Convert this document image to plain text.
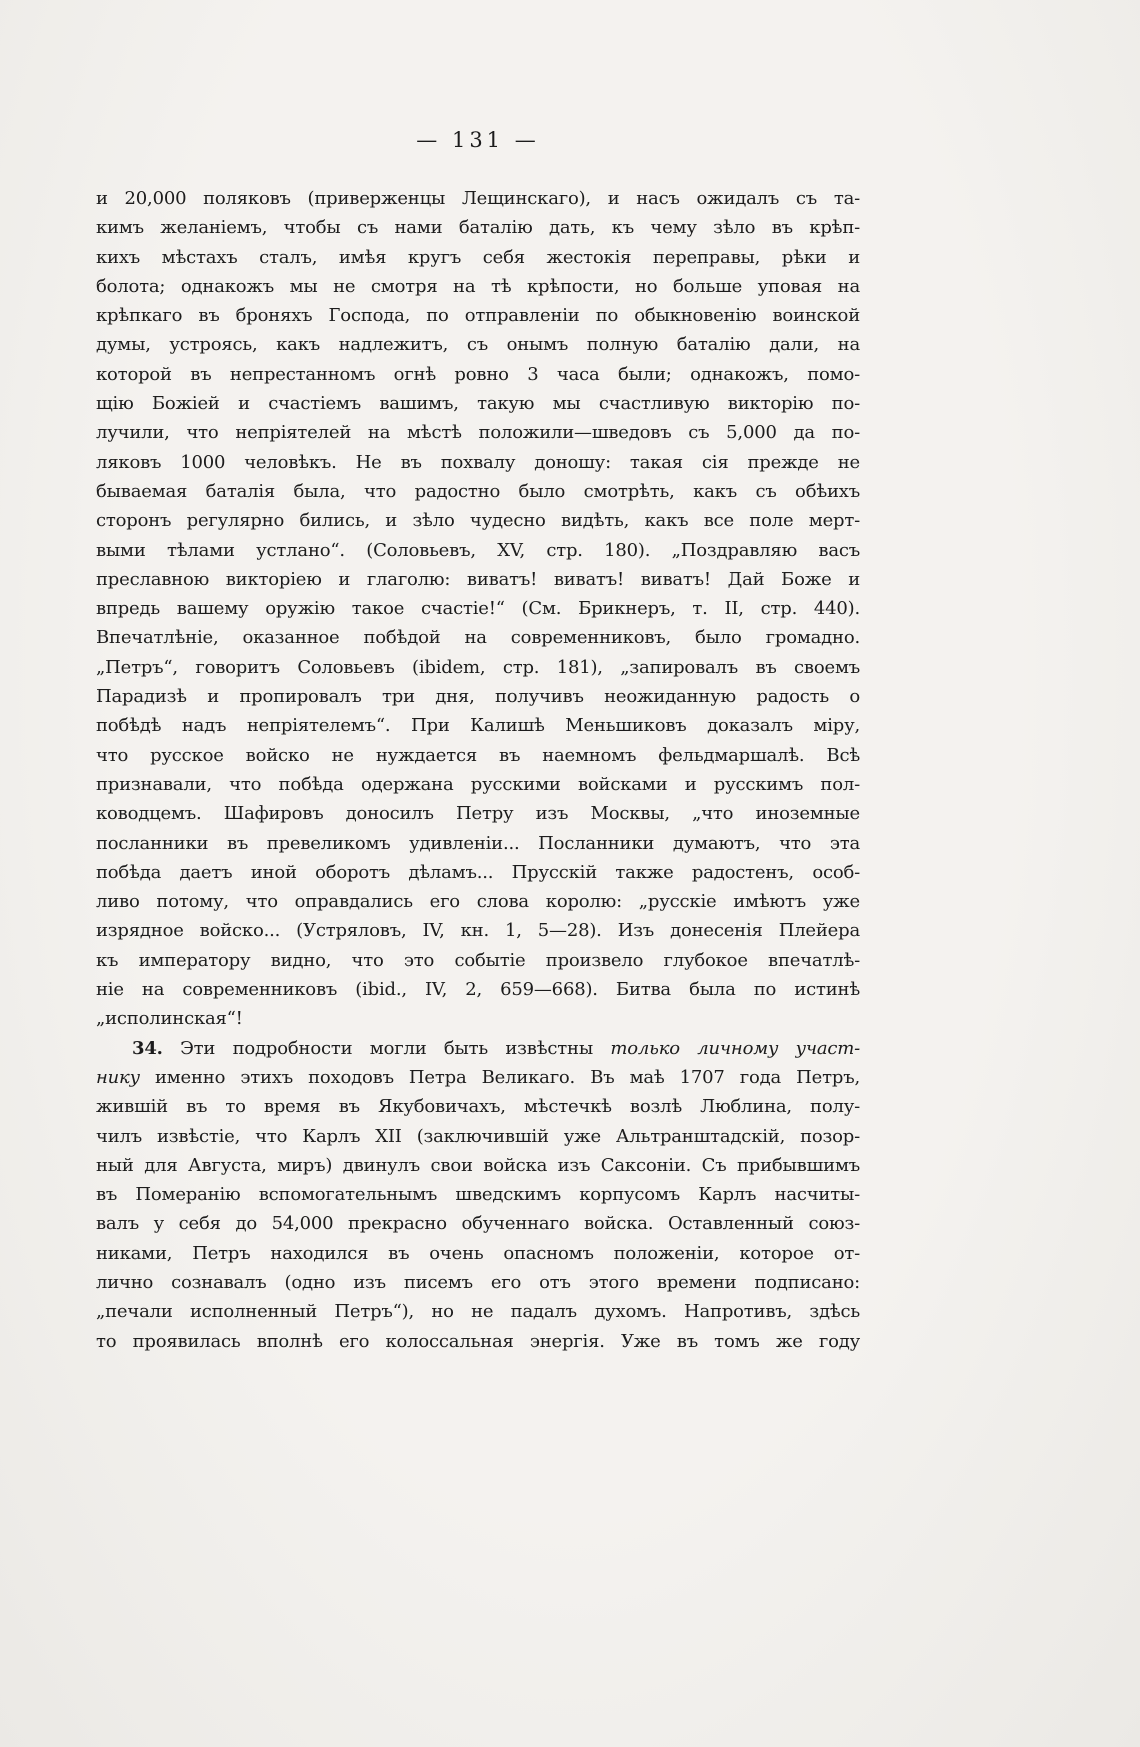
— 131 —
и 20,000 поляковъ (приверженцы Лещинскаго), и насъ ожидалъ съ та-
кимъ желаніемъ, чтобы съ нами баталію дать, къ чему зѣло въ крѣп-
кихъ мѣстахъ сталъ, имѣя кругъ себя жестокія переправы, рѣки и
болота; однакожъ мы не смотря на тѣ крѣпости, но больше уповая на
крѣпкаго въ броняхъ Господа, по отправленіи по обыкновенію воинской
думы, устроясь, какъ надлежитъ, съ онымъ полную баталію дали, на
которой въ непрестанномъ огнѣ ровно 3 часа были; однакожъ, помо-
щію Божіей и счастіемъ вашимъ, такую мы счастливую викторію по-
лучили, что непріятелей на мѣстѣ положили—шведовъ съ 5,000 да по-
ляковъ 1000 человѣкъ. Не въ похвалу доношу: такая сія прежде не
бываемая баталія была, что радостно было смотрѣть, какъ съ обѣихъ
сторонъ регулярно бились, и зѣло чудесно видѣть, какъ все поле мерт-
выми тѣлами устлано“. (Соловьевъ, XV, стр. 180). „Поздравляю васъ
преславною викторіею и глаголю: виватъ! виватъ! виватъ! Дай Боже и
впредь вашему оружію такое счастіе!“ (См. Брикнеръ, т. II, стр. 440).
Впечатлѣніе, оказанное побѣдой на современниковъ, было громадно.
„Петръ“, говоритъ Соловьевъ (ibidem, стр. 181), „запировалъ въ своемъ
Парадизѣ и пропировалъ три дня, получивъ неожиданную радость о
побѣдѣ надъ непріятелемъ“. При Калишѣ Меньшиковъ доказалъ міру,
что русское войско не нуждается въ наемномъ фельдмаршалѣ. Всѣ
признавали, что побѣда одержана русскими войсками и русскимъ пол-
ководцемъ. Шафировъ доносилъ Петру изъ Москвы, „что иноземные
посланники въ превеликомъ удивленіи... Посланники думаютъ, что эта
побѣда даетъ иной оборотъ дѣламъ... Прусскій также радостенъ, особ-
ливо потому, что оправдались его слова королю: „русскіе имѣютъ уже
изрядное войско... (Устряловъ, IV, кн. 1, 5—28). Изъ донесенія Плейера
къ императору видно, что это событіе произвело глубокое впечатлѣ-
ніе на современниковъ (ibid., IV, 2, 659—668). Битва была по истинѣ
„исполинская“!
34. Эти подробности могли быть извѣстны только личному участ-
нику именно этихъ походовъ Петра Великаго. Въ маѣ 1707 года Петръ,
жившій въ то время въ Якубовичахъ, мѣстечкѣ возлѣ Люблина, полу-
чилъ извѣстіе, что Карлъ XII (заключившій уже Альтранштадскій, позор-
ный для Августа, миръ) двинулъ свои войска изъ Саксоніи. Съ прибывшимъ
въ Померанію вспомогательнымъ шведскимъ корпусомъ Карлъ насчиты-
валъ у себя до 54,000 прекрасно обученнаго войска. Оставленный союз-
никами, Петръ находился въ очень опасномъ положеніи, которое от-
лично сознавалъ (одно изъ писемъ его отъ этого времени подписано:
„печали исполненный Петръ“), но не падалъ духомъ. Напротивъ, здѣсь
то проявилась вполнѣ его колоссальная энергія. Уже въ томъ же году
